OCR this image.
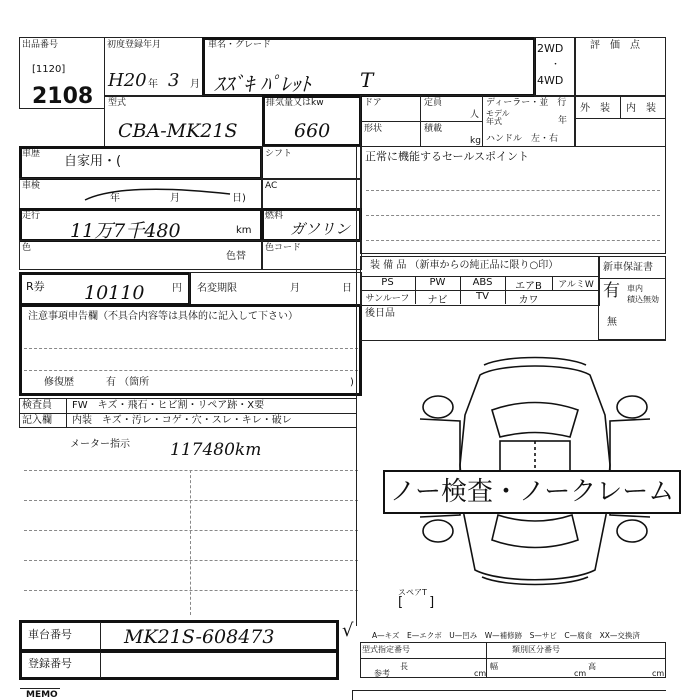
出品番号
[1120]
2108
初度登録年月
H20 年 3 月
車名・グレード
ｽｽﾞｷ ﾊﾟﾚｯﾄ T
2WD
・
4WD
評　価　点
型式
CBA-MK21S
排気量又はkw
660
ドア	定員
人
形状	積載
kg
ディーラー・並　行
モデル
年式	年
ハンドル　左・右
外　装 内　装
車歴 自家用・(	シフト
車検
年	月	日)
AC
走行
11万7千480	km
燃料
ガソリン
色
色替
色コード
R券 10110	円 名変期限	月	日
注意事項申告欄（不具合内容等は具体的に記入して下さい）
修復歴	有 （箇所	)
検査員
記入欄
FW　キズ・飛石・ヒビ割・リペア跡・X要
内装　キズ・汚レ・コゲ・穴・スレ・キレ・破レ
メーター指示 117480km
正常に機能するセールスポイント
装 備 品 （新車からの純正品に限り○印）
PS	PW	ABS	エアB	アルミW
サンルーフ	ナビ	TV	カワ
新車保証書
有 車内
積込無効
無
後日品
ノー検査・ノークレーム
スペアT
[　　]
車台番号	MK21S-608473	√
登録番号
A—キズ　E—エクボ　U—凹み　W—補修跡　S—サビ　C—腐食　XX—交換済
型式指定番号	類別区分番号
長	幅	高
参考	cm	cm	cm
MEMO
